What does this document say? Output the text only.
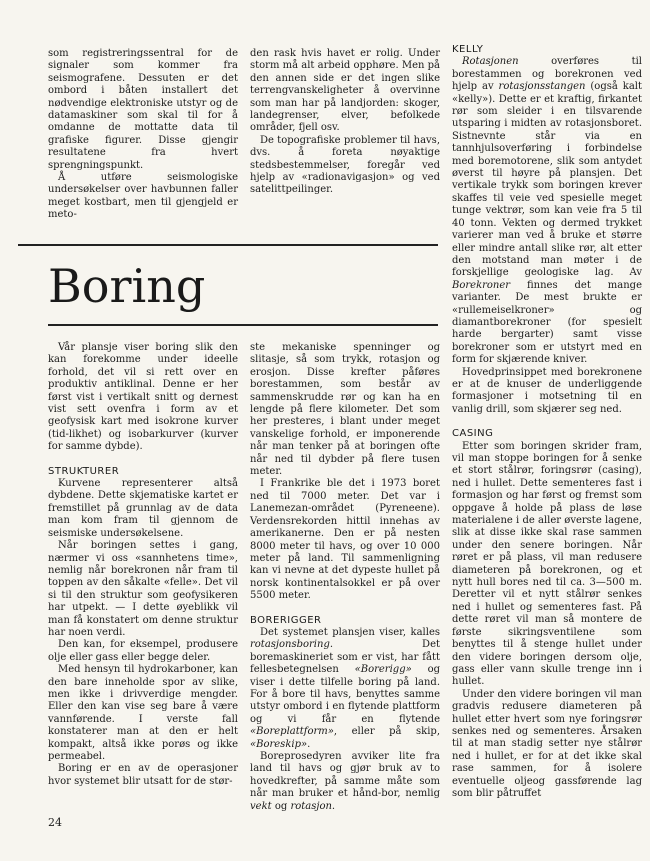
som registreringssentral for de signaler som kommer fra seismografene. Dessuten er det ombord i båten installert det nødvendige elektroniske utstyr og de datamaskiner som skal til for å omdanne de mottatte data til grafiske figurer. Disse gjengir resultatene fra hvert sprengningspunkt.

Å utføre seismologiske undersøkelser over havbunnen faller meget kostbart, men til gjengjeld er meto-

den rask hvis havet er rolig. Under storm må alt arbeid opphøre. Men på den annen side er det ingen slike terrengvanskeligheter å overvinne som man har på landjorden: skoger, landegrenser, elver, befolkede områder, fjell osv.

De topografiske problemer til havs, dvs. å foreta nøyaktige stedsbestemmelser, foregår ved hjelp av «radionavigasjon» og ved satelittpeilinger.

Boring

Vår plansje viser boring slik den kan forekomme under ideelle forhold, det vil si rett over en produktiv antiklinal. Denne er her først vist i vertikalt snitt og dernest vist sett ovenfra i form av et geofysisk kart med isokrone kurver (tid-likhet) og isobarkurver (kurver for samme dybde).

STRUKTURER

Kurvene representerer altså dybdene. Dette skjematiske kartet er fremstillet på grunnlag av de data man kom fram til gjennom de seismiske undersøkelsene.

Når boringen settes i gang, nærmer vi oss «sannhetens time», nemlig når borekronen når fram til toppen av den såkalte «felle». Det vil si til den struktur som geofysikeren har utpekt. — I dette øyeblikk vil man få konstatert om denne struktur har noen verdi.

Den kan, for eksempel, produsere olje eller gass eller begge deler.

Med hensyn til hydrokarboner, kan den bare inneholde spor av slike, men ikke i drivverdige mengder. Eller den kan vise seg bare å være vannførende. I verste fall konstaterer man at den er helt kompakt, altså ikke porøs og ikke permeabel.

Boring er en av de operasjoner hvor systemet blir utsatt for de stør-

ste mekaniske spenninger og slitasje, så som trykk, rotasjon og erosjon. Disse krefter påføres borestammen, som består av sammenskrudde rør og kan ha en lengde på flere kilometer. Det som her presteres, i blant under meget vanskelige forhold, er imponerende når man tenker på at boringen ofte når ned til dybder på flere tusen meter.

I Frankrike ble det i 1973 boret ned til 7000 meter. Det var i Lanemezan-området (Pyreneene). Verdensrekorden hittil innehas av amerikanerne. Den er på nesten 8000 meter til havs, og over 10 000 meter på land. Til sammenligning kan vi nevne at det dypeste hullet på norsk kontinentalsokkel er på over 5500 meter.

BORERIGGER

Det systemet plansjen viser, kalles rotasjonsboring. Det boremaskineriet som er vist, har fått fellesbetegnelsen «Borerigg» og viser i dette tilfelle boring på land. For å bore til havs, benyttes samme utstyr ombord i en flytende plattform og vi får en flytende «Boreplattform», eller på skip, «Boreskip».

Boreprosedyren avviker lite fra land til havs og gjør bruk av to hovedkrefter, på samme måte som når man bruker et hånd-bor, nemlig vekt og rotasjon.

KELLY

Rotasjonen overføres til borestammen og borekronen ved hjelp av rotasjonsstangen (også kalt «kelly»). Dette er et kraftig, firkantet rør som sleider i en tilsvarende utsparing i midten av rotasjonsboret. Sistnevnte står via en tannhjulsoverføring i forbindelse med boremotorene, slik som antydet øverst til høyre på plansjen. Det vertikale trykk som boringen krever skaffes til veie ved spesielle meget tunge vektrør, som kan veie fra 5 til 40 tonn. Vekten og dermed trykket varierer man ved å bruke et større eller mindre antall slike rør, alt etter den motstand man møter i de forskjellige geologiske lag. Av Borekroner finnes det mange varianter. De mest brukte er «rullemeiselkroner» og diamantborekroner (for spesielt harde bergarter) samt visse borekroner som er utstyrt med en form for skjærende kniver.

Hovedprinsippet med borekronene er at de knuser de underliggende formasjoner i motsetning til en vanlig drill, som skjærer seg ned.

CASING

Etter som boringen skrider fram, vil man stoppe boringen for å senke et stort stålrør, foringsrør (casing), ned i hullet. Dette sementeres fast i formasjon og har først og fremst som oppgave å holde på plass de løse materialene i de aller øverste lagene, slik at disse ikke skal rase sammen under den senere boringen. Når røret er på plass, vil man redusere diameteren på borekronen, og et nytt hull bores ned til ca. 3—500 m. Deretter vil et nytt stålrør senkes ned i hullet og sementeres fast. På dette røret vil man så montere de første sikringsventilene som benyttes til å stenge hullet under den videre boringen dersom olje, gass eller vann skulle trenge inn i hullet.

Under den videre boringen vil man gradvis redusere diameteren på hullet etter hvert som nye foringsrør senkes ned og sementeres. Årsaken til at man stadig setter nye stålrør ned i hullet, er for at det ikke skal rase sammen, for å isolere eventuelle oljeog gassførende lag som blir påtruffet

24
